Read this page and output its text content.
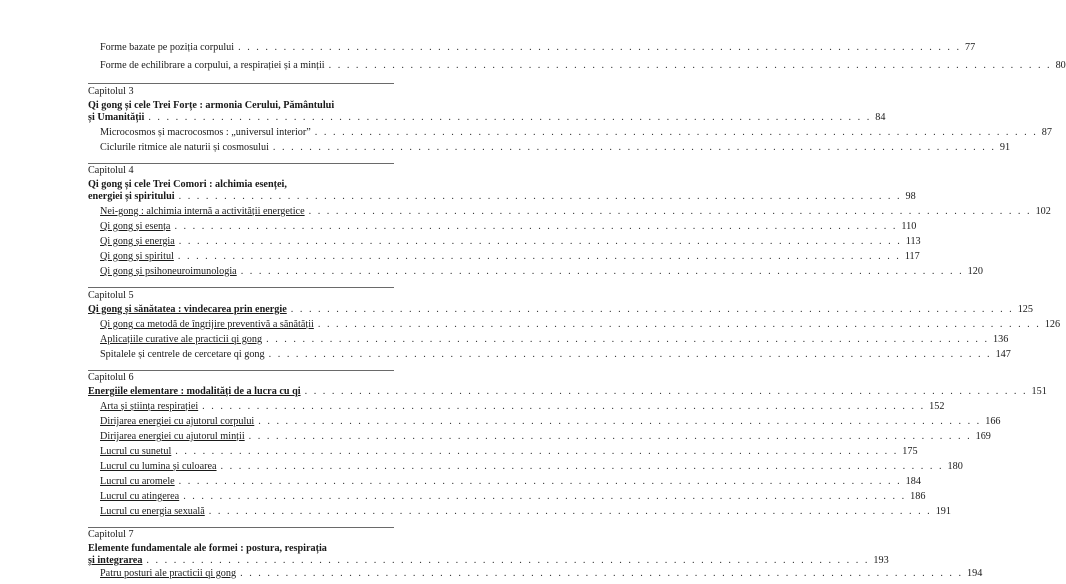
Forme bazate pe poziția corpului . . . . . . . . . . . . . . . . . . . . . . . . . . . . . . . . . . . . . . . . . . . . . . . . . . . . . . . . . . . . . . . . . . . . . . . . . . . . . . . . 77
Forme de echilibrare a corpului, a respirației și a minții . . . . . . . . . . . . . . . . . . . . . . . . . . . . . . . . . . . . . . . . . . . . . . . . . . . . . . . . . . . . . . . . . . . . . . . . . . . . . . . . 80
Capitolul 3
Qi gong și cele Trei Forțe : armonia Cerului, Pământului
și Umanității . . . . . . . . . . . . . . . . . . . . . . . . . . . . . . . . . . . . . . . . . . . . . . . . . . . . . . . . . . . . . . . . . . . . . . . . . . . . . . . . 84
Microcosmos și macrocosmos : „universul interior” . . . . . . . . . . . . . . . . . . . . . . . . . . . . . . . . . . . . . . . . . . . . . . . . . . . . . . . . . . . . . . . . . . . . . . . . . . . . . . . . 87
Ciclurile ritmice ale naturii și cosmosului . . . . . . . . . . . . . . . . . . . . . . . . . . . . . . . . . . . . . . . . . . . . . . . . . . . . . . . . . . . . . . . . . . . . . . . . . . . . . . . . 91
Capitolul 4
Qi gong și cele Trei Comori : alchimia esenței,
energiei și spiritului . . . . . . . . . . . . . . . . . . . . . . . . . . . . . . . . . . . . . . . . . . . . . . . . . . . . . . . . . . . . . . . . . . . . . . . . . . . . . . . . 98
Nei-gong : alchimia internă a activității energetice . . . . . . . . . . . . . . . . . . . . . . . . . . . . . . . . . . . . . . . . . . . . . . . . . . . . . . . . . . . . . . . . . . . . . . . . . . . . . . . . 102
Qi gong și esența . . . . . . . . . . . . . . . . . . . . . . . . . . . . . . . . . . . . . . . . . . . . . . . . . . . . . . . . . . . . . . . . . . . . . . . . . . . . . . . . 110
Qi gong și energia . . . . . . . . . . . . . . . . . . . . . . . . . . . . . . . . . . . . . . . . . . . . . . . . . . . . . . . . . . . . . . . . . . . . . . . . . . . . . . . . 113
Qi gong și spiritul . . . . . . . . . . . . . . . . . . . . . . . . . . . . . . . . . . . . . . . . . . . . . . . . . . . . . . . . . . . . . . . . . . . . . . . . . . . . . . . . 117
Qi gong și psihoneuroimunologia . . . . . . . . . . . . . . . . . . . . . . . . . . . . . . . . . . . . . . . . . . . . . . . . . . . . . . . . . . . . . . . . . . . . . . . . . . . . . . . . 120
Capitolul 5
Qi gong și sănătatea : vindecarea prin energie . . . . . . . . . . . . . . . . . . . . . . . . . . . . . . . . . . . . . . . . . . . . . . . . . . . . . . . . . . . . . . . . . . . . . . . . . . . . . . . . 125
Qi gong ca metodă de îngrijire preventivă a sănătății . . . . . . . . . . . . . . . . . . . . . . . . . . . . . . . . . . . . . . . . . . . . . . . . . . . . . . . . . . . . . . . . . . . . . . . . . . . . . . . . 126
Aplicațiile curative ale practicii qi gong . . . . . . . . . . . . . . . . . . . . . . . . . . . . . . . . . . . . . . . . . . . . . . . . . . . . . . . . . . . . . . . . . . . . . . . . . . . . . . . . 136
Spitalele și centrele de cercetare qi gong . . . . . . . . . . . . . . . . . . . . . . . . . . . . . . . . . . . . . . . . . . . . . . . . . . . . . . . . . . . . . . . . . . . . . . . . . . . . . . . . 147
Capitolul 6
Energiile elementare : modalități de a lucra cu qi . . . . . . . . . . . . . . . . . . . . . . . . . . . . . . . . . . . . . . . . . . . . . . . . . . . . . . . . . . . . . . . . . . . . . . . . . . . . . . . . 151
Arta și știința respirației . . . . . . . . . . . . . . . . . . . . . . . . . . . . . . . . . . . . . . . . . . . . . . . . . . . . . . . . . . . . . . . . . . . . . . . . . . . . . . . . 152
Dirijarea energiei cu ajutorul corpului . . . . . . . . . . . . . . . . . . . . . . . . . . . . . . . . . . . . . . . . . . . . . . . . . . . . . . . . . . . . . . . . . . . . . . . . . . . . . . . . 166
Dirijarea energiei cu ajutorul minții . . . . . . . . . . . . . . . . . . . . . . . . . . . . . . . . . . . . . . . . . . . . . . . . . . . . . . . . . . . . . . . . . . . . . . . . . . . . . . . . 169
Lucrul cu sunetul . . . . . . . . . . . . . . . . . . . . . . . . . . . . . . . . . . . . . . . . . . . . . . . . . . . . . . . . . . . . . . . . . . . . . . . . . . . . . . . . 175
Lucrul cu lumina și culoarea . . . . . . . . . . . . . . . . . . . . . . . . . . . . . . . . . . . . . . . . . . . . . . . . . . . . . . . . . . . . . . . . . . . . . . . . . . . . . . . . 180
Lucrul cu aromele . . . . . . . . . . . . . . . . . . . . . . . . . . . . . . . . . . . . . . . . . . . . . . . . . . . . . . . . . . . . . . . . . . . . . . . . . . . . . . . . 184
Lucrul cu atingerea . . . . . . . . . . . . . . . . . . . . . . . . . . . . . . . . . . . . . . . . . . . . . . . . . . . . . . . . . . . . . . . . . . . . . . . . . . . . . . . . 186
Lucrul cu energia sexuală . . . . . . . . . . . . . . . . . . . . . . . . . . . . . . . . . . . . . . . . . . . . . . . . . . . . . . . . . . . . . . . . . . . . . . . . . . . . . . . . 191
Capitolul 7
Elemente fundamentale ale formei : postura, respirația
și integrarea . . . . . . . . . . . . . . . . . . . . . . . . . . . . . . . . . . . . . . . . . . . . . . . . . . . . . . . . . . . . . . . . . . . . . . . . . . . . . . . . 193
Patru posturi ale practicii qi gong . . . . . . . . . . . . . . . . . . . . . . . . . . . . . . . . . . . . . . . . . . . . . . . . . . . . . . . . . . . . . . . . . . . . . . . . . . . . . . . . 194
